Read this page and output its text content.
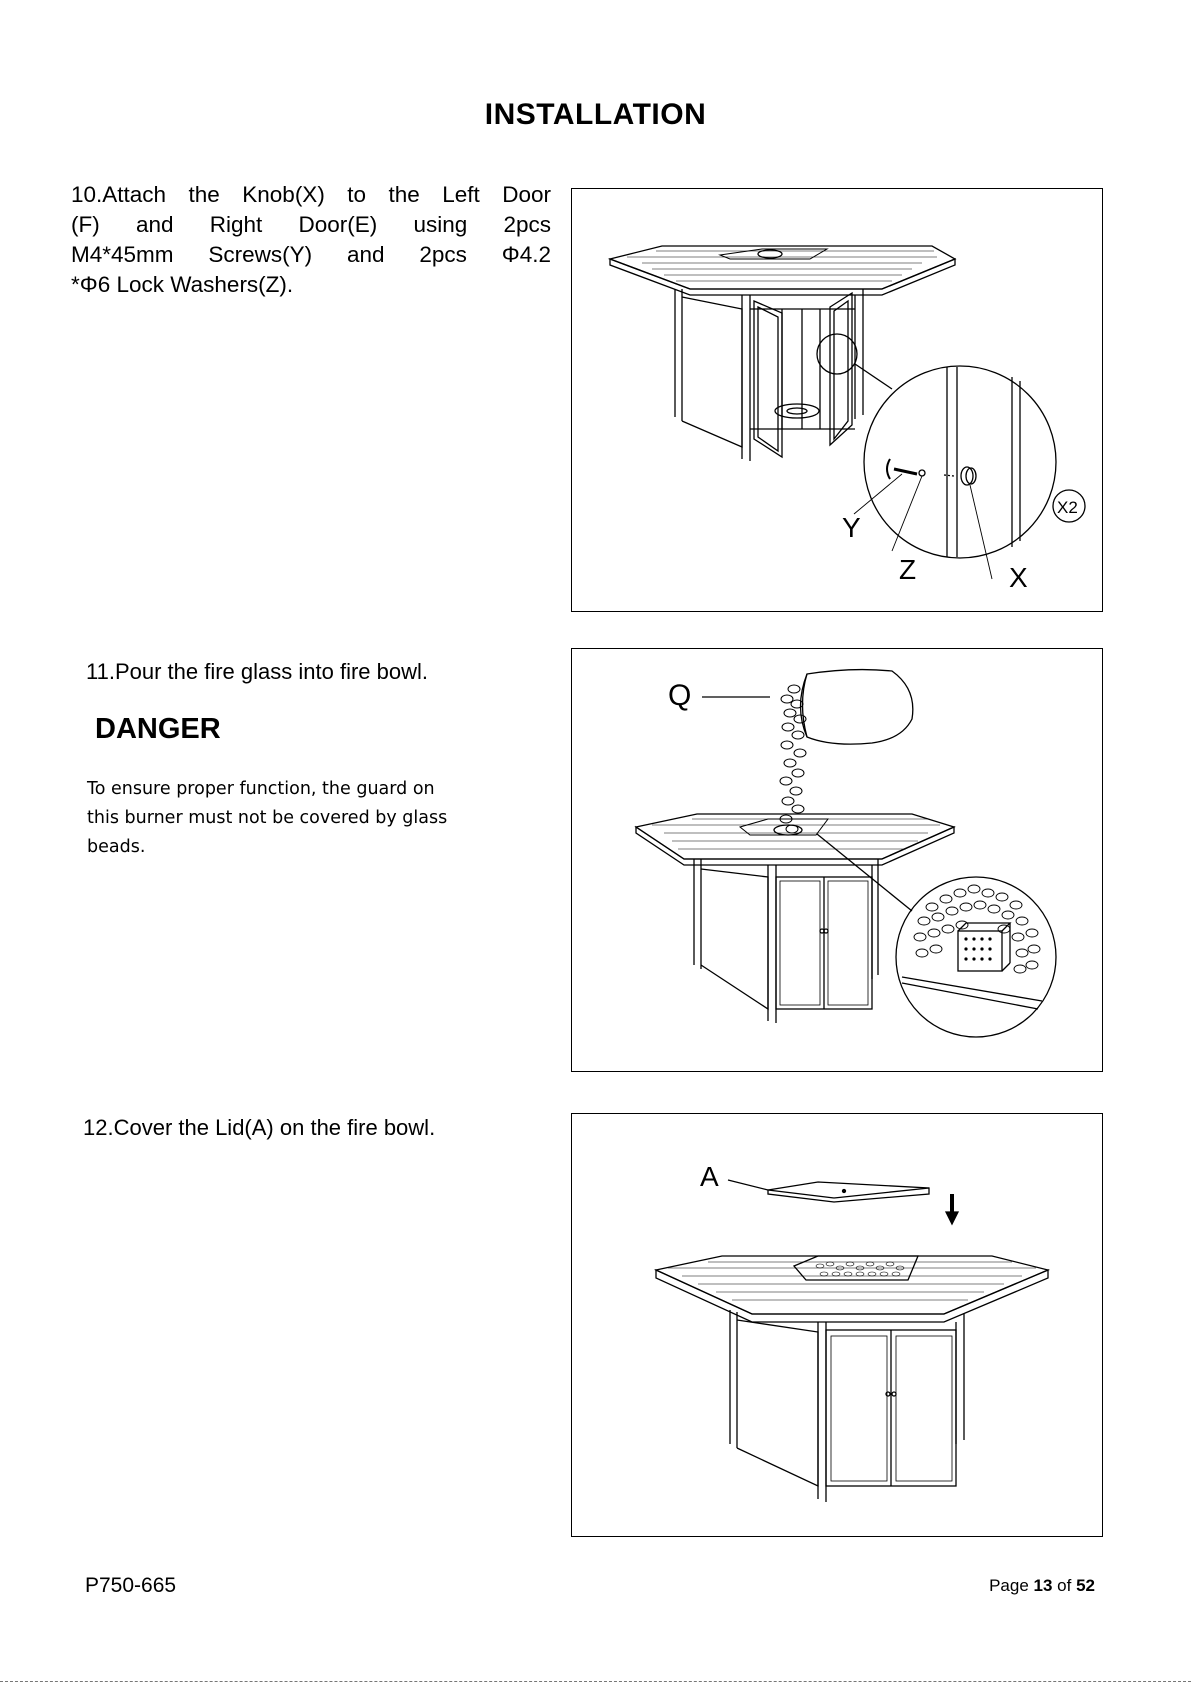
INSTALLATION
10.Attach the Knob(X) to the Left Door
(F) and Right Door(E) using 2pcs
M4*45mm Screws(Y) and 2pcs Φ4.2
*Φ6 Lock Washers(Z).
Y
Z	X
X2
11.Pour the fire glass into fire bowl.
DANGER
To ensure proper function, the guard on
this burner must not be covered by glass
beads.
Q
12.Cover the Lid(A) on the fire bowl.
A
P750-665	Page 13 of 52
